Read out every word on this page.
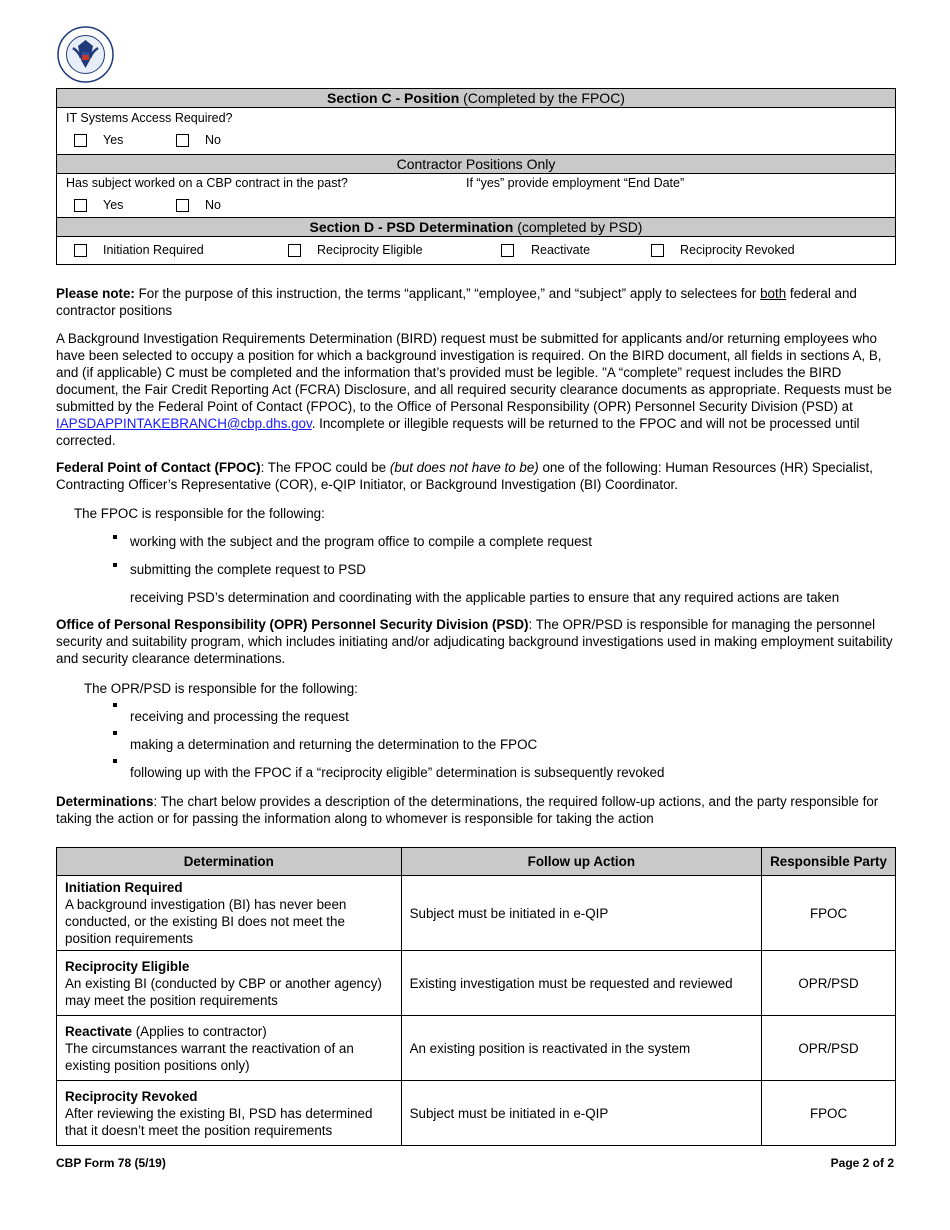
Section C - Position (Completed by the FPOC)
IT Systems Access Required?
Yes	No
Contractor Positions Only
Has subject worked on a CBP contract in the past?	If “yes” provide employment “End Date”
Yes	No
Section D - PSD Determination (completed by PSD)
Initiation Required	Reciprocity Eligible	Reactivate	Reciprocity Revoked

Please note: For the purpose of this instruction, the terms “applicant,” “employee,” and “subject” apply to selectees for both federal and contractor positions

A Background Investigation Requirements Determination (BIRD) request must be submitted for applicants and/or returning employees who have been selected to occupy a position for which a background investigation is required. On the BIRD document, all fields in sections A, B, and (if applicable) C must be completed and the information that’s provided must be legible. "A “complete” request includes the BIRD document, the Fair Credit Reporting Act (FCRA) Disclosure, and all required security clearance documents as appropriate. Requests must be submitted by the Federal Point of Contact (FPOC), to the Office of Personal Responsibility (OPR) Personnel Security Division (PSD) at IAPSDAPPINTAKEBRANCH@cbp.dhs.gov. Incomplete or illegible requests will be returned to the FPOC and will not be processed until corrected.

Federal Point of Contact (FPOC): The FPOC could be (but does not have to be) one of the following: Human Resources (HR) Specialist, Contracting Officer’s Representative (COR), e-QIP Initiator, or Background Investigation (BI) Coordinator.

The FPOC is responsible for the following:
working with the subject and the program office to compile a complete request
submitting the complete request to PSD
receiving PSD’s determination and coordinating with the applicable parties to ensure that any required actions are taken

Office of Personal Responsibility (OPR) Personnel Security Division (PSD): The OPR/PSD is responsible for managing the personnel security and suitability program, which includes initiating and/or adjudicating background investigations used in making employment suitability and security clearance determinations.

The OPR/PSD is responsible for the following:
receiving and processing the request
making a determination and returning the determination to the FPOC
following up with the FPOC if a “reciprocity eligible” determination is subsequently revoked

Determinations: The chart below provides a description of the determinations, the required follow-up actions, and the party responsible for taking the action or for passing the information along to whomever is responsible for taking the action

Determination	Follow up Action	Responsible Party
Initiation Required
A background investigation (BI) has never been conducted, or the existing BI does not meet the position requirements	Subject must be initiated in e-QIP	FPOC
Reciprocity Eligible
An existing BI (conducted by CBP or another agency) may meet the position requirements	Existing investigation must be requested and reviewed	OPR/PSD
Reactivate (Applies to contractor)
The circumstances warrant the reactivation of an existing position positions only)	An existing position is reactivated in the system	OPR/PSD
Reciprocity Revoked
After reviewing the existing BI, PSD has determined that it doesn’t meet the position requirements	Subject must be initiated in e-QIP	FPOC
CBP Form 78 (5/19)	Page 2 of 2
